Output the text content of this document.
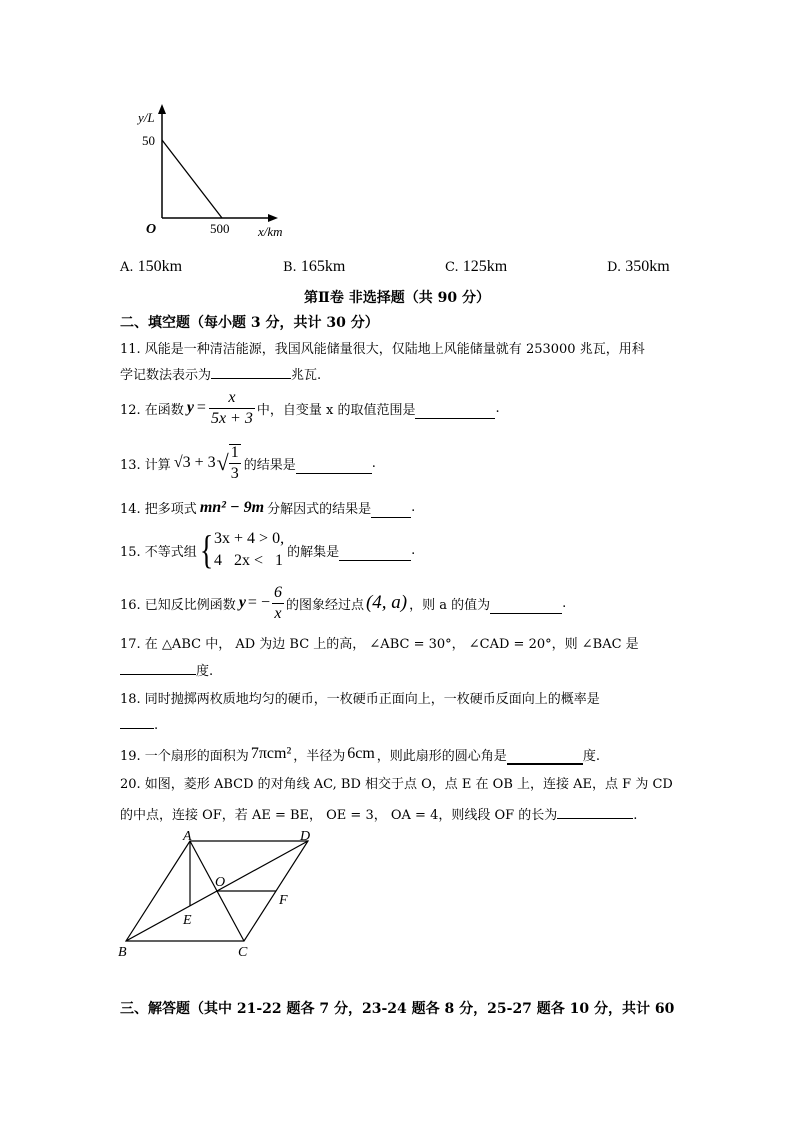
y/L
50
O	500 x/km
A. 150km	B. 165km	C. 125km	D. 350km
第Ⅱ卷 非选择题（共 90 分）
二、填空题（每小题 3 分，共计 30 分）
11. 风能是一种清洁能源，我国风能储量很大，仅陆地上风能储量就有 253000 兆瓦，用科
学记数法表示为	兆瓦.
12. 在函数 $y = \frac{x}{5x + 3}$ 中，自变量 x 的取值范围是	.
13. 计算 √3 + 3 √ $\frac{1}{3}$ 的结果是	.
14. 把多项式 mn² − 9m 分解因式的结果是	.
15. 不等式组 { 3x + 4 > 0,
4   2x <   1 的解集是	.
16. 已知反比例函数 y = − $\frac{6}{x}$ 的图象经过点 (4, a) ，则 a 的值为	.
17. 在 △ABC 中， AD 为边 BC 上的高， ∠ABC = 30°， ∠CAD = 20°，则 ∠BAC 是
度.
18. 同时抛掷两枚质地均匀的硬币，一枚硬币正面向上，一枚硬币反面向上的概率是
.
19. 一个扇形的面积为 7πcm² ，半径为 6cm ，则此扇形的圆心角是	度.
20. 如图，菱形 ABCD 的对角线 AC, BD 相交于点 O，点 E 在 OB 上，连接 AE，点 F 为 CD
的中点，连接 OF，若 AE = BE， OE = 3， OA = 4，则线段 OF 的长为	.
A	D
O
F
E
B	C
三、解答题（其中 21-22 题各 7 分，23-24 题各 8 分，25-27 题各 10 分，共计 60
